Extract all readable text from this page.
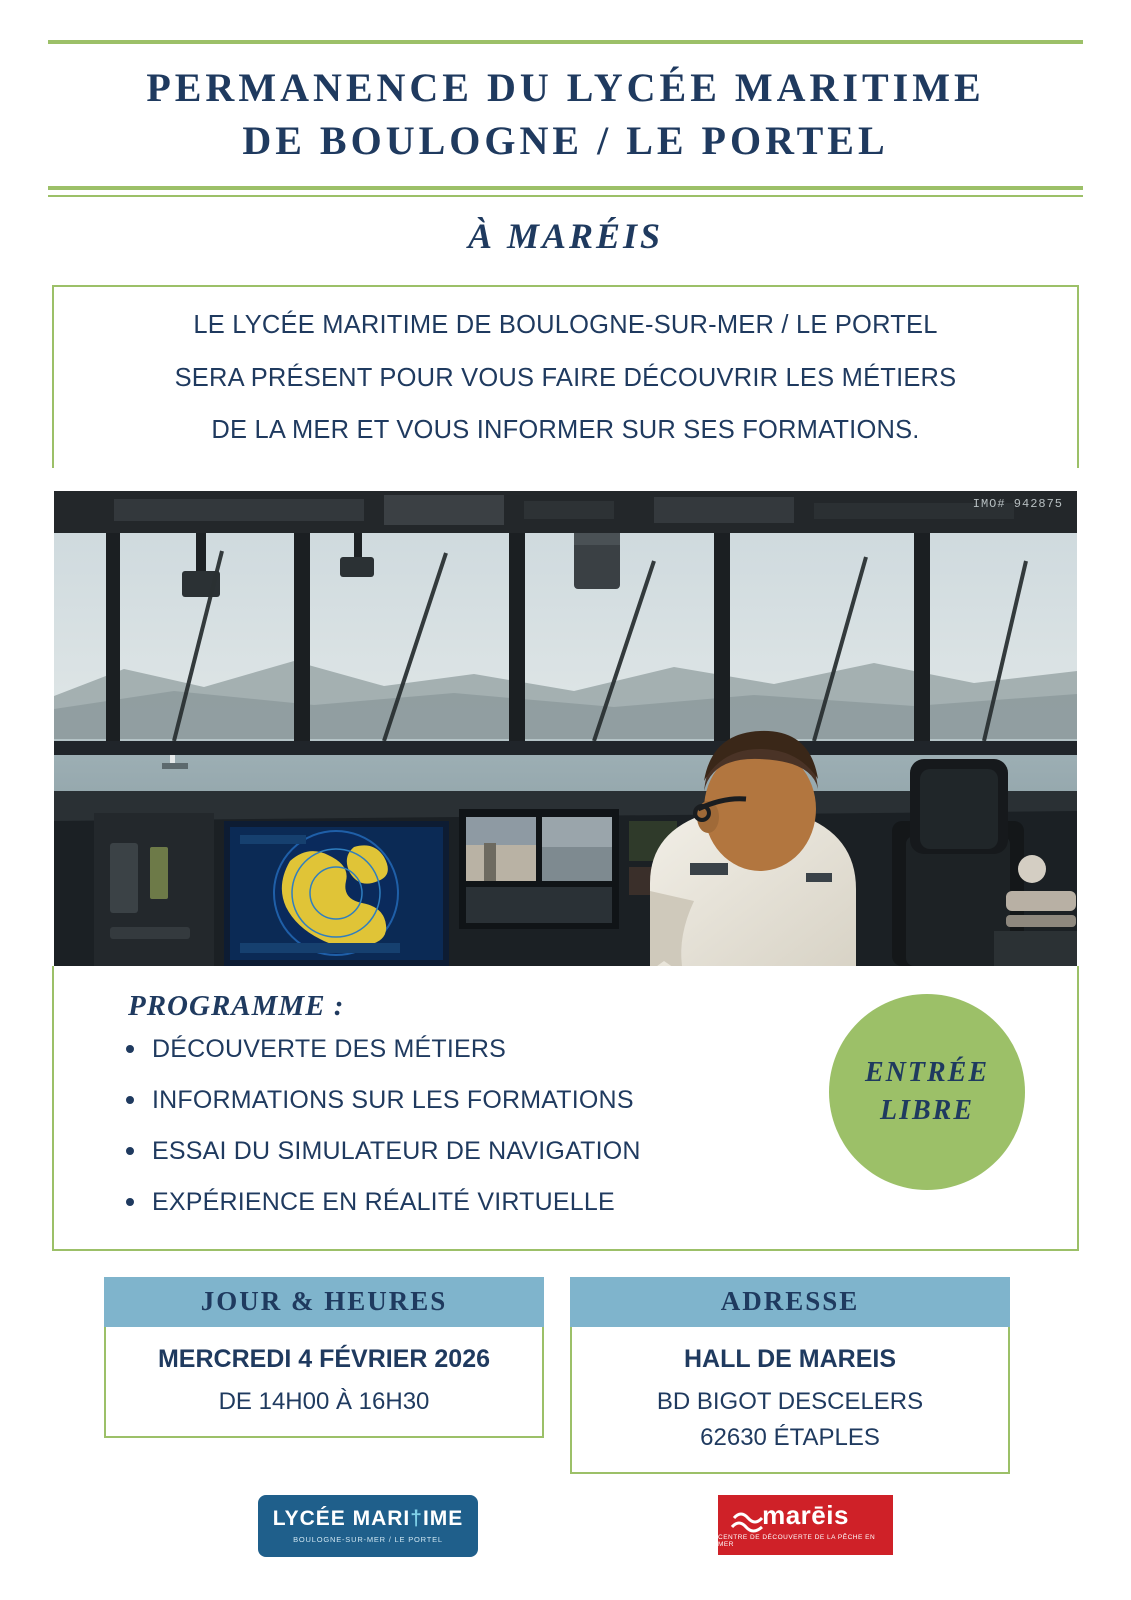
PERMANENCE DU LYCÉE MARITIME
DE BOULOGNE / LE PORTEL
À MARÉIS

LE LYCÉE MARITIME DE BOULOGNE-SUR-MER / LE PORTEL

SERA PRÉSENT POUR VOUS FAIRE DÉCOUVRIR LES MÉTIERS

DE LA MER ET VOUS INFORMER SUR SES FORMATIONS.

IMO# 942875
PROGRAMME :
DÉCOUVERTE DES MÉTIERS
INFORMATIONS SUR LES FORMATIONS
ESSAI DU SIMULATEUR DE NAVIGATION
EXPÉRIENCE EN RÉALITÉ VIRTUELLE
ENTRÉE
LIBRE
JOUR & HEURES
MERCREDI 4 FÉVRIER 2026
DE 14H00 À 16H30
ADRESSE
HALL DE MAREIS
BD BIGOT DESCELERS
62630 ÉTAPLES
LYCÉE MARI†IME
BOULOGNE-SUR-MER / LE PORTEL
marēis
CENTRE DE DÉCOUVERTE DE LA PÊCHE EN MER
